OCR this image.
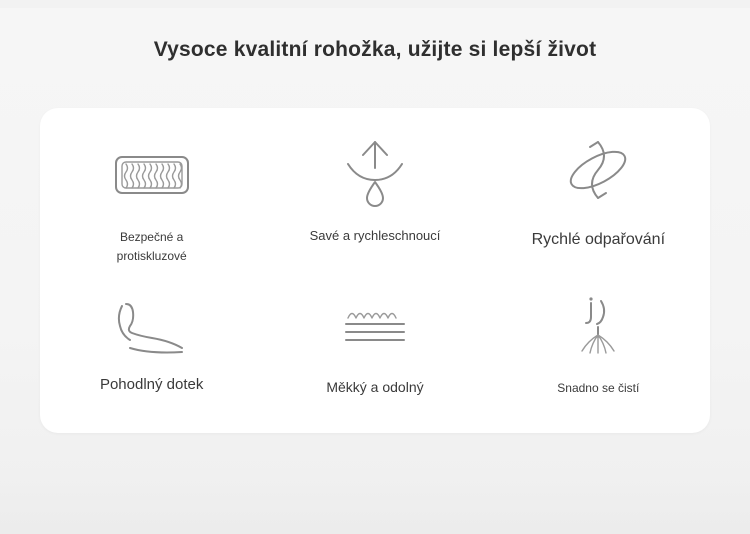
Vysoce kvalitní rohožka, užijte si lepší život
Bezpečné a
protiskluzové
Savé a rychleschnoucí	Rychlé odpařování
Pohodlný dotek	Měkký a odolný	Snadno se čistí
